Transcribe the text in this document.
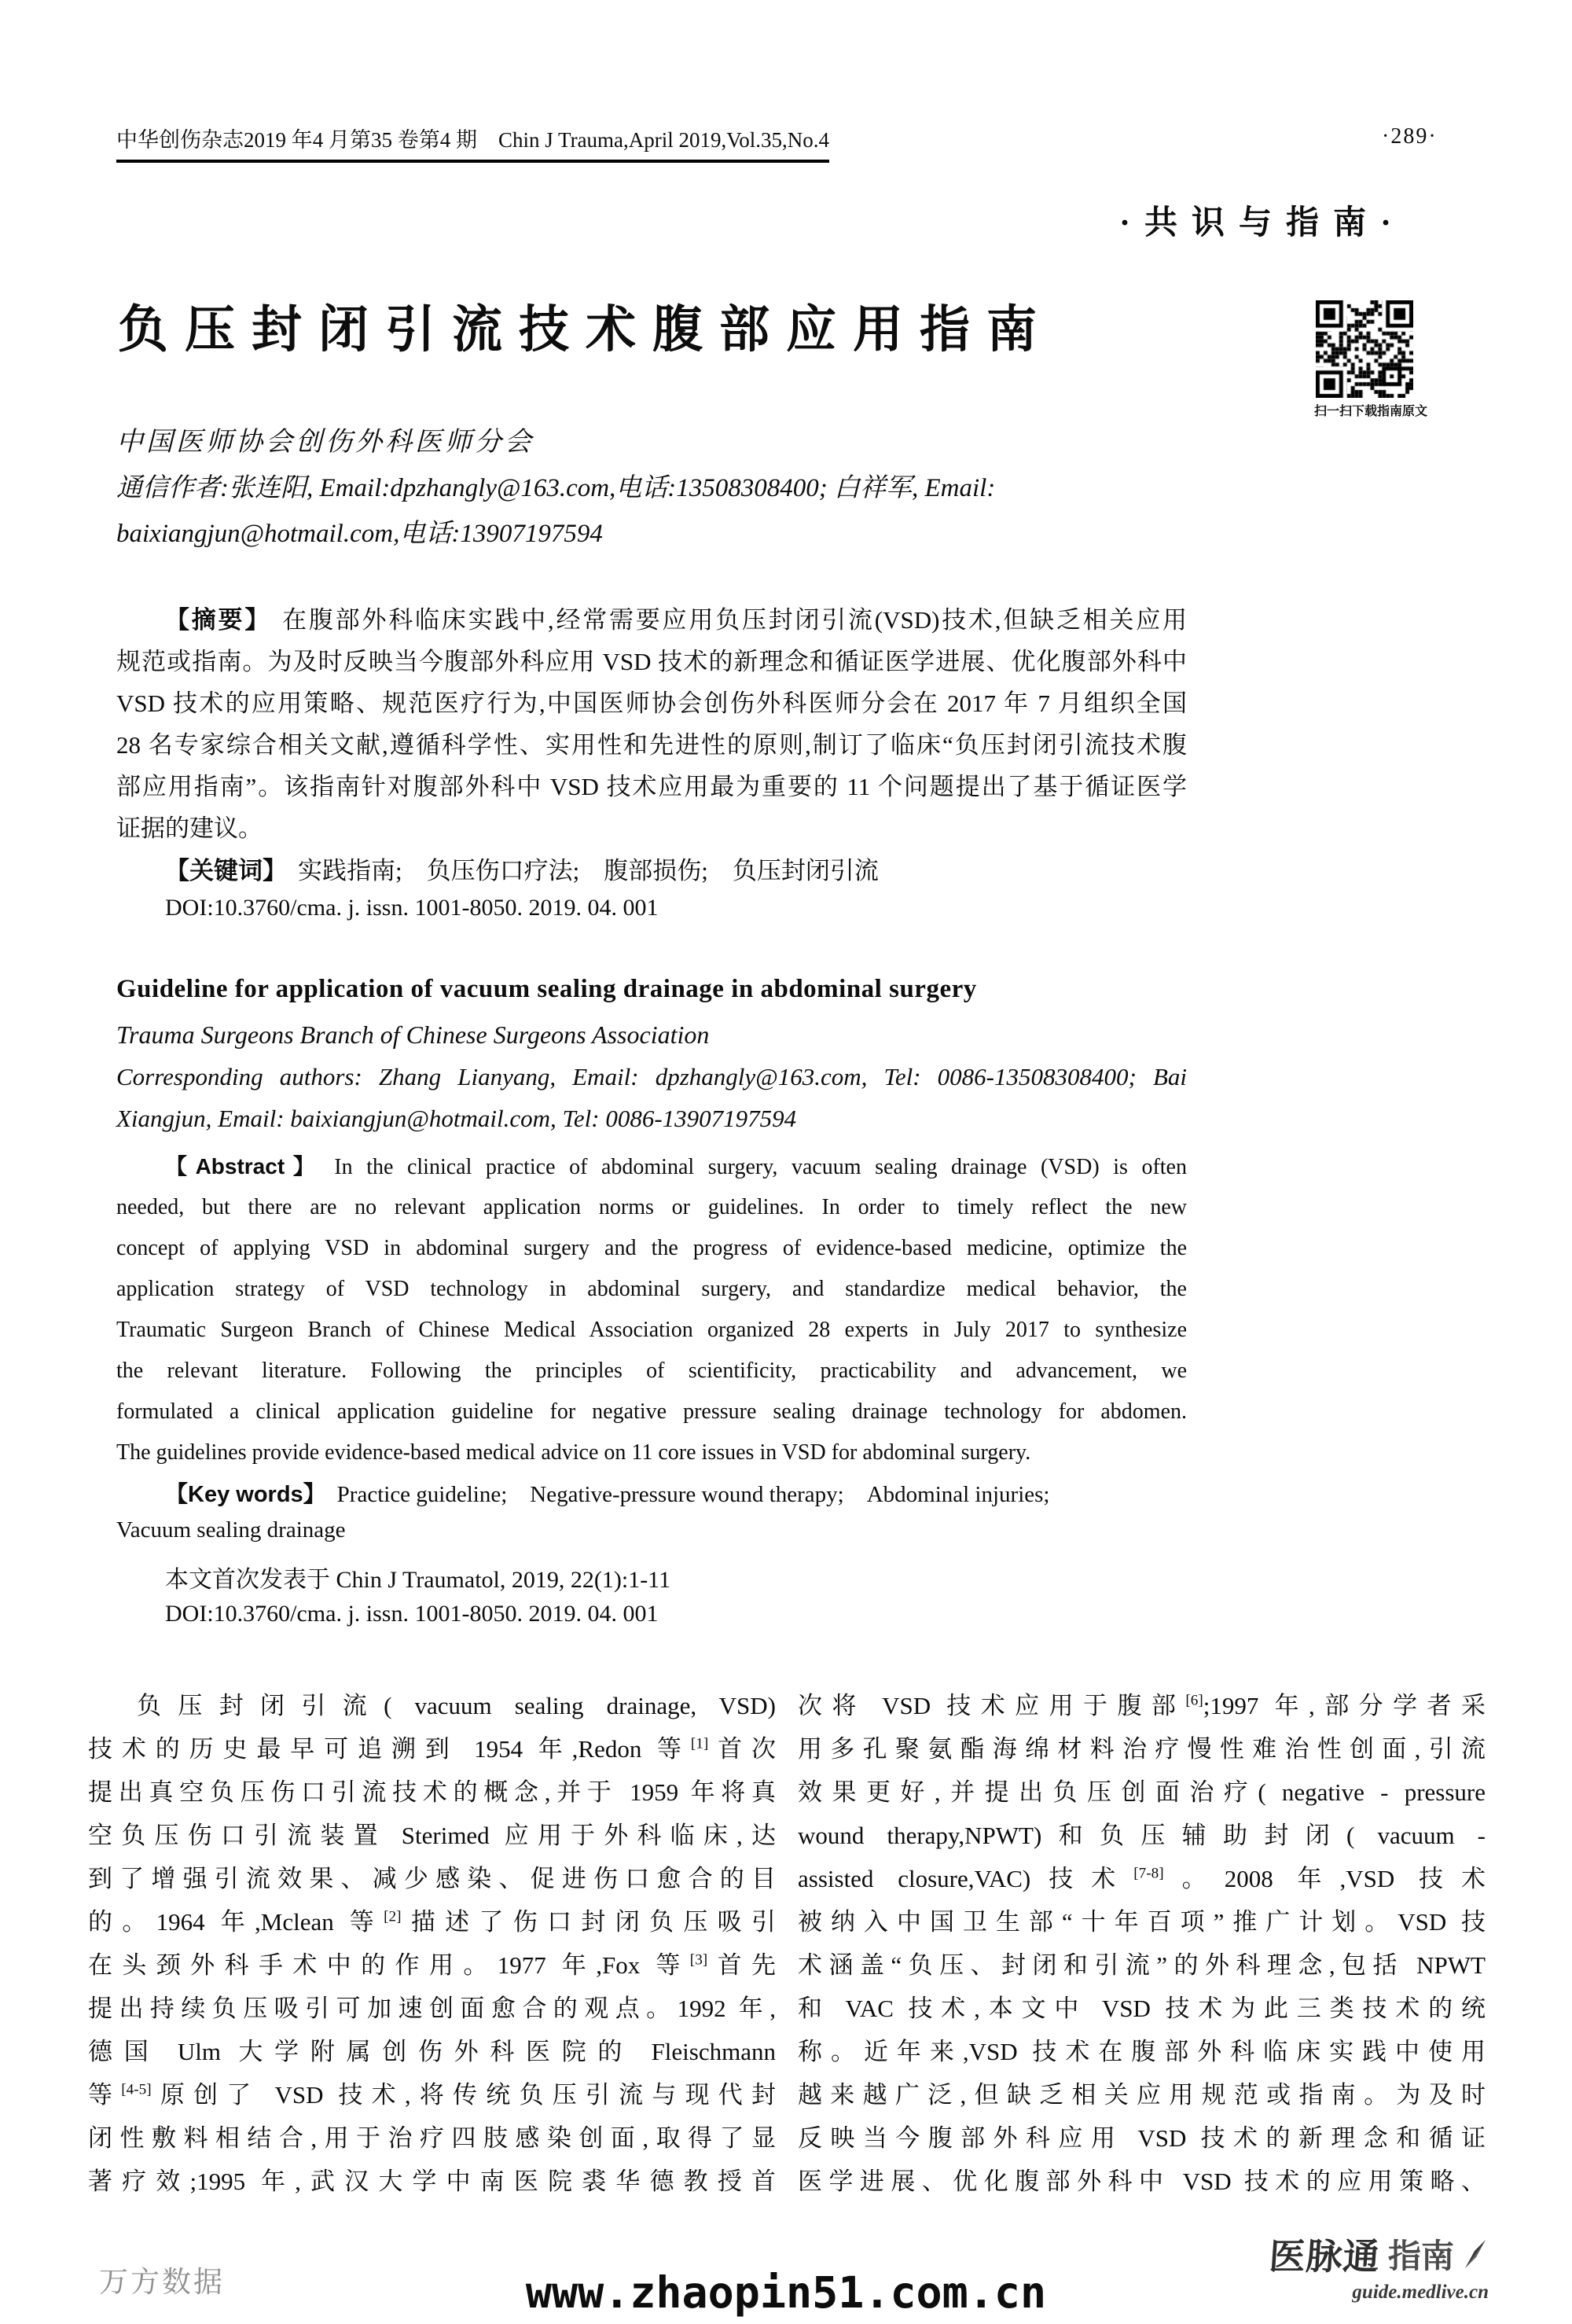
中华创伤杂志2019 年4 月第35 卷第4 期　Chin J Trauma,April 2019,Vol.35,No.4	·289·
·共识与指南·
负压封闭引流技术腹部应用指南
扫一扫下载指南原文
中国医师协会创伤外科医师分会
通信作者:张连阳, Email:dpzhangly@163.com,电话:13508308400; 白祥军, Email:
baixiangjun@hotmail.com,电话:13907197594
【摘要】 在腹部外科临床实践中,经常需要应用负压封闭引流(VSD)技术,但缺乏相关应用
规范或指南。为及时反映当今腹部外科应用 VSD 技术的新理念和循证医学进展、优化腹部外科中
VSD 技术的应用策略、规范医疗行为,中国医师协会创伤外科医师分会在 2017 年 7 月组织全国
28 名专家综合相关文献,遵循科学性、实用性和先进性的原则,制订了临床“负压封闭引流技术腹
部应用指南”。该指南针对腹部外科中 VSD 技术应用最为重要的 11 个问题提出了基于循证医学
证据的建议。
【关键词】 实践指南;　负压伤口疗法;　腹部损伤;　负压封闭引流
DOI:10.3760/cma. j. issn. 1001-8050. 2019. 04. 001
Guideline for application of vacuum sealing drainage in abdominal surgery
Trauma Surgeons Branch of Chinese Surgeons Association
Corresponding authors: Zhang Lianyang, Email: dpzhangly@163.com, Tel: 0086-13508308400; Bai
Xiangjun, Email: baixiangjun@hotmail.com, Tel: 0086-13907197594
【Abstract】 In the clinical practice of abdominal surgery, vacuum sealing drainage (VSD) is often
needed, but there are no relevant application norms or guidelines. In order to timely reflect the new
concept of applying VSD in abdominal surgery and the progress of evidence-based medicine, optimize the
application strategy of VSD technology in abdominal surgery, and standardize medical behavior, the
Traumatic Surgeon Branch of Chinese Medical Association organized 28 experts in July 2017 to synthesize
the relevant literature. Following the principles of scientificity, practicability and advancement, we
formulated a clinical application guideline for negative pressure sealing drainage technology for abdomen.
The guidelines provide evidence-based medical advice on 11 core issues in VSD for abdominal surgery.
【Key words】 Practice guideline;　Negative-pressure wound therapy;　Abdominal injuries;
Vacuum sealing drainage
本文首次发表于 Chin J Traumatol, 2019, 22(1):1-11
DOI:10.3760/cma. j. issn. 1001-8050. 2019. 04. 001
负压封闭引流( vacuum sealing drainage, VSD)
技术的历史最早可追溯到 1954 年,Redon 等[1]首次
提出真空负压伤口引流技术的概念,并于 1959 年将真
空负压伤口引流装置 Sterimed 应用于外科临床,达
到了增强引流效果、减少感染、促进伤口愈合的目
的。1964 年,Mclean 等[2]描述了伤口封闭负压吸引
在头颈外科手术中的作用。1977 年,Fox 等[3]首先
提出持续负压吸引可加速创面愈合的观点。1992 年,
德国 Ulm 大学附属创伤外科医院的 Fleischmann
等[4-5]原创了 VSD 技术,将传统负压引流与现代封
闭性敷料相结合,用于治疗四肢感染创面,取得了显
著疗效;1995 年,武汉大学中南医院裘华德教授首
次将 VSD 技术应用于腹部[6];1997 年,部分学者采
用多孔聚氨酯海绵材料治疗慢性难治性创面,引流
效果更好,并提出负压创面治疗( negative - pressure
wound therapy,NPWT)和负压辅助封闭( vacuum -
assisted closure,VAC)技术[7-8]。2008 年,VSD 技术
被纳入中国卫生部“十年百项”推广计划。VSD 技
术涵盖“负压、封闭和引流”的外科理念,包括 NPWT
和 VAC 技术,本文中 VSD 技术为此三类技术的统
称。近年来,VSD 技术在腹部外科临床实践中使用
越来越广泛,但缺乏相关应用规范或指南。为及时
反映当今腹部外科应用 VSD 技术的新理念和循证
医学进展、优化腹部外科中 VSD 技术的应用策略、
万方数据	www.zhaopin51.com.cn
医脉通 指南
guide.medlive.cn
